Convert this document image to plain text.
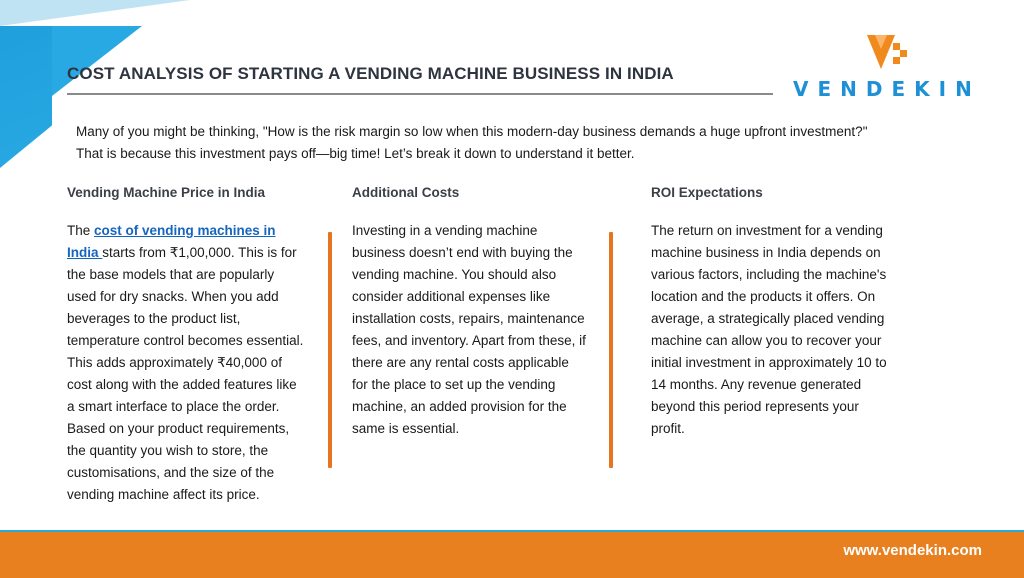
COST ANALYSIS OF STARTING A VENDING MACHINE BUSINESS IN INDIA
VENDEKIN
Many of you might be thinking, "How is the risk margin so low when this modern-day business demands a huge upfront investment?"
That is because this investment pays off—big time! Let’s break it down to understand it better.
Vending Machine Price in India	Additional Costs	ROI Expectations
The cost of vending machines in India starts from ₹1,00,000. This is for the base models that are popularly used for dry snacks. When you add beverages to the product list, temperature control becomes essential. This adds approximately ₹40,000 of cost along with the added features like a smart interface to place the order. Based on your product requirements, the quantity you wish to store, the customisations, and the size of the vending machine affect its price.
Investing in a vending machine business doesn’t end with buying the vending machine. You should also consider additional expenses like installation costs, repairs, maintenance fees, and inventory. Apart from these, if there are any rental costs applicable for the place to set up the vending machine, an added provision for the same is essential.
The return on investment for a vending machine business in India depends on various factors, including the machine's location and the products it offers. On average, a strategically placed vending machine can allow you to recover your initial investment in approximately 10 to 14 months. Any revenue generated beyond this period represents your profit.
www.vendekin.com
